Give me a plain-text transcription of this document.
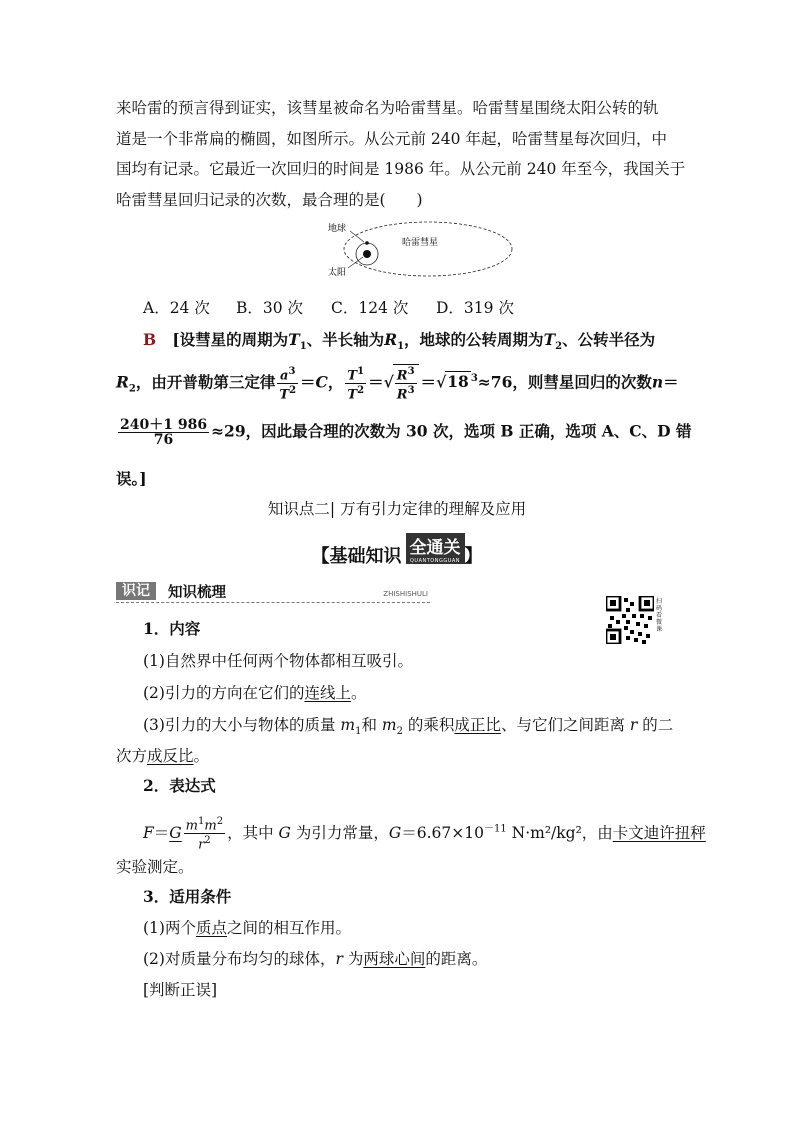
来哈雷的预言得到证实，该彗星被命名为哈雷彗星。哈雷彗星围绕太阳公转的轨
道是一个非常扁的椭圆，如图所示。从公元前 240 年起，哈雷彗星每次回归，中
国均有记录。它最近一次回归的时间是 1986 年。从公元前 240 年至今，我国关于
哈雷彗星回归记录的次数，最合理的是(　　)
地球
哈雷彗星
太阳
A．24 次 B．30 次 C．124 次 D．319 次
B [设彗星的周期为$T_1$、半长轴为$R_1$，地球的公转周期为$T_2$、公转半径为
$R_2$，由开普勒第三定律 $\frac{a^3}{T^2} =C$， $\frac{T^1}{T^2}$ ＝√ $\frac{R^3}{R^3} =√18$ $^3$≈76，则彗星回归的次数n＝
$\frac{240+1 986}{76} \approx 29$，因此最合理的次数为 30 次，选项 B 正确，选项 A、C、D 错
误。]
知识点二| 万有引力定律的理解及应用
【基础知识 全通关
QUANTONGGUAN 】
识记	知识梳理	ZHISHISHULI
扫码看微课
1．内容
(1)自然界中任何两个物体都相互吸引。
(2)引力的方向在它们的连线上。
(3)引力的大小与物体的质量 $m_1$和 $m_2$ 的乘积成正比、与它们之间距离 r 的二
次方成反比。
2．表达式
$F=G \frac{m^1m^2}{r^2}$ ，其中 G 为引力常量，$G=6.67\times 10^{-11}$ N·m²/kg²，由卡文迪许扭秤
实验测定。
3．适用条件
(1)两个质点之间的相互作用。
(2)对质量分布均匀的球体，r 为两球心间的距离。
[判断正误]
